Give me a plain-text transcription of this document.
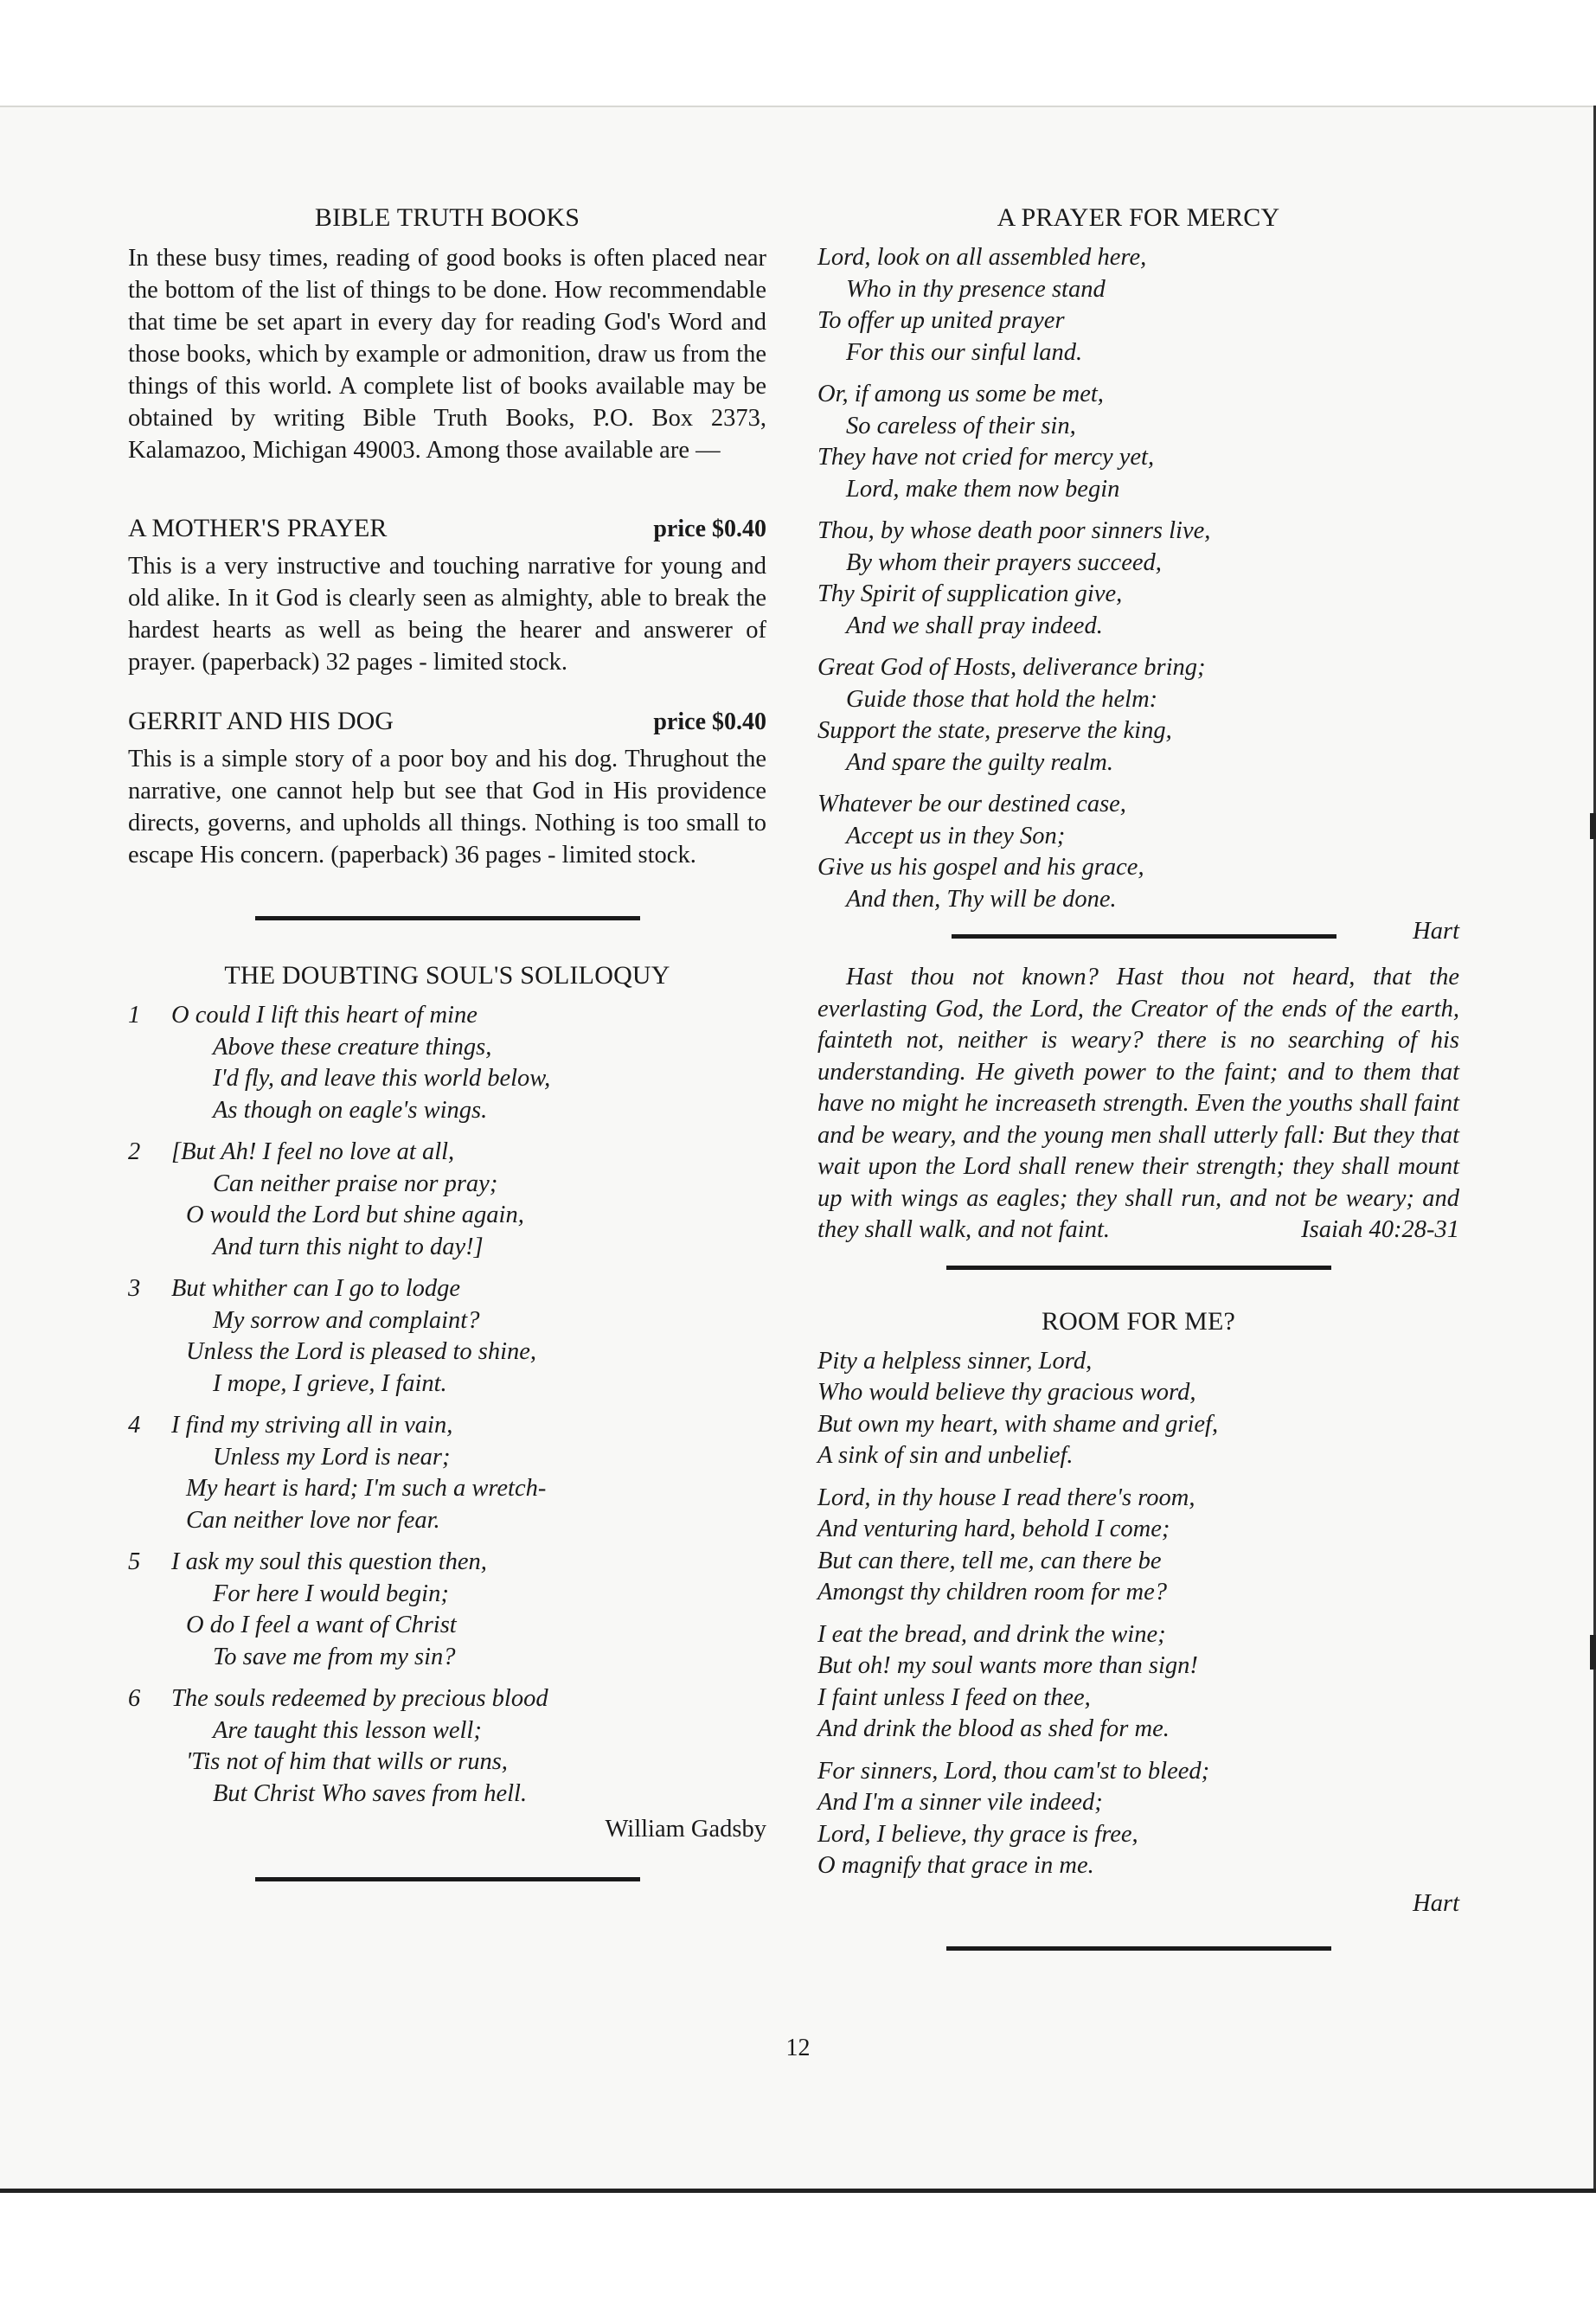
BIBLE TRUTH BOOKS

In these busy times, reading of good books is often placed near the bottom of the list of things to be done. How recommendable that time be set apart in every day for reading God's Word and those books, which by example or admonition, draw us from the things of this world. A complete list of books available may be obtained by writing Bible Truth Books, P.O. Box 2373, Kalamazoo, Michigan 49003. Among those available are —

A MOTHER'S PRAYER	price $0.40

This is a very instructive and touching narrative for young and old alike. In it God is clearly seen as almighty, able to break the hardest hearts as well as being the hearer and answerer of prayer. (paperback) 32 pages - limited stock.

GERRIT AND HIS DOG	price $0.40

This is a simple story of a poor boy and his dog. Thrughout the narrative, one cannot help but see that God in His providence directs, governs, and upholds all things. Nothing is too small to escape His concern. (paperback) 36 pages - limited stock.

THE DOUBTING SOUL'S SOLILOQUY
1	O could I lift this heart of mine
Above these creature things,
I'd fly, and leave this world below,
As though on eagle's wings.
2	[But Ah! I feel no love at all,
Can neither praise nor pray;
O would the Lord but shine again,
And turn this night to day!]
3	But whither can I go to lodge
My sorrow and complaint?
Unless the Lord is pleased to shine,
I mope, I grieve, I faint.
4	I find my striving all in vain,
Unless my Lord is near;
My heart is hard; I'm such a wretch-
Can neither love nor fear.
5	I ask my soul this question then,
For here I would begin;
O do I feel a want of Christ
To save me from my sin?
6	The souls redeemed by precious blood
Are taught this lesson well;
'Tis not of him that wills or runs,
But Christ Who saves from hell.
William Gadsby
A PRAYER FOR MERCY
Lord, look on all assembled here,
Who in thy presence stand
To offer up united prayer
For this our sinful land.
Or, if among us some be met,
So careless of their sin,
They have not cried for mercy yet,
Lord, make them now begin
Thou, by whose death poor sinners live,
By whom their prayers succeed,
Thy Spirit of supplication give,
And we shall pray indeed.
Great God of Hosts, deliverance bring;
Guide those that hold the helm:
Support the state, preserve the king,
And spare the guilty realm.
Whatever be our destined case,
Accept us in they Son;
Give us his gospel and his grace,
And then, Thy will be done.
Hart

Hast thou not known? Hast thou not heard, that the everlasting God, the Lord, the Creator of the ends of the earth, fainteth not, neither is weary? there is no searching of his understanding. He giveth power to the faint; and to them that have no might he increaseth strength. Even the youths shall faint and be weary, and the young men shall utterly fall: But they that wait upon the Lord shall renew their strength; they shall mount up with wings as eagles; they shall run, and not be weary; and they shall walk, and not faint.	Isaiah 40:28-31

ROOM FOR ME?
Pity a helpless sinner, Lord,
Who would believe thy gracious word,
But own my heart, with shame and grief,
A sink of sin and unbelief.
Lord, in thy house I read there's room,
And venturing hard, behold I come;
But can there, tell me, can there be
Amongst thy children room for me?
I eat the bread, and drink the wine;
But oh! my soul wants more than sign!
I faint unless I feed on thee,
And drink the blood as shed for me.
For sinners, Lord, thou cam'st to bleed;
And I'm a sinner vile indeed;
Lord, I believe, thy grace is free,
O magnify that grace in me.
Hart
12
